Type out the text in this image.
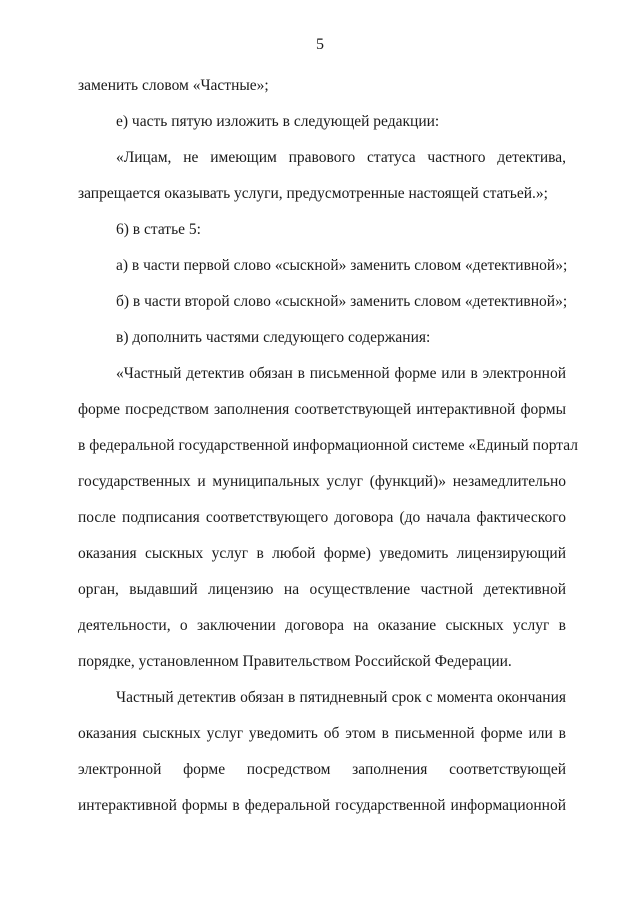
5
заменить словом «Частные»;
е) часть пятую изложить в следующей редакции:
«Лицам, не имеющим правового статуса частного детектива,
запрещается оказывать услуги, предусмотренные настоящей статьей.»;
6) в статье 5:
а) в части первой слово «сыскной» заменить словом «детективной»;
б) в части второй слово «сыскной» заменить словом «детективной»;
в) дополнить частями следующего содержания:
«Частный детектив обязан в письменной форме или в электронной
форме посредством заполнения соответствующей интерактивной формы
в федеральной государственной информационной системе «Единый портал
государственных и муниципальных услуг (функций)» незамедлительно
после подписания соответствующего договора (до начала фактического
оказания сыскных услуг в любой форме) уведомить лицензирующий
орган, выдавший лицензию на осуществление частной детективной
деятельности, о заключении договора на оказание сыскных услуг в
порядке, установленном Правительством Российской Федерации.
Частный детектив обязан в пятидневный срок с момента окончания
оказания сыскных услуг уведомить об этом в письменной форме или в
электронной форме посредством заполнения соответствующей
интерактивной формы в федеральной государственной информационной
